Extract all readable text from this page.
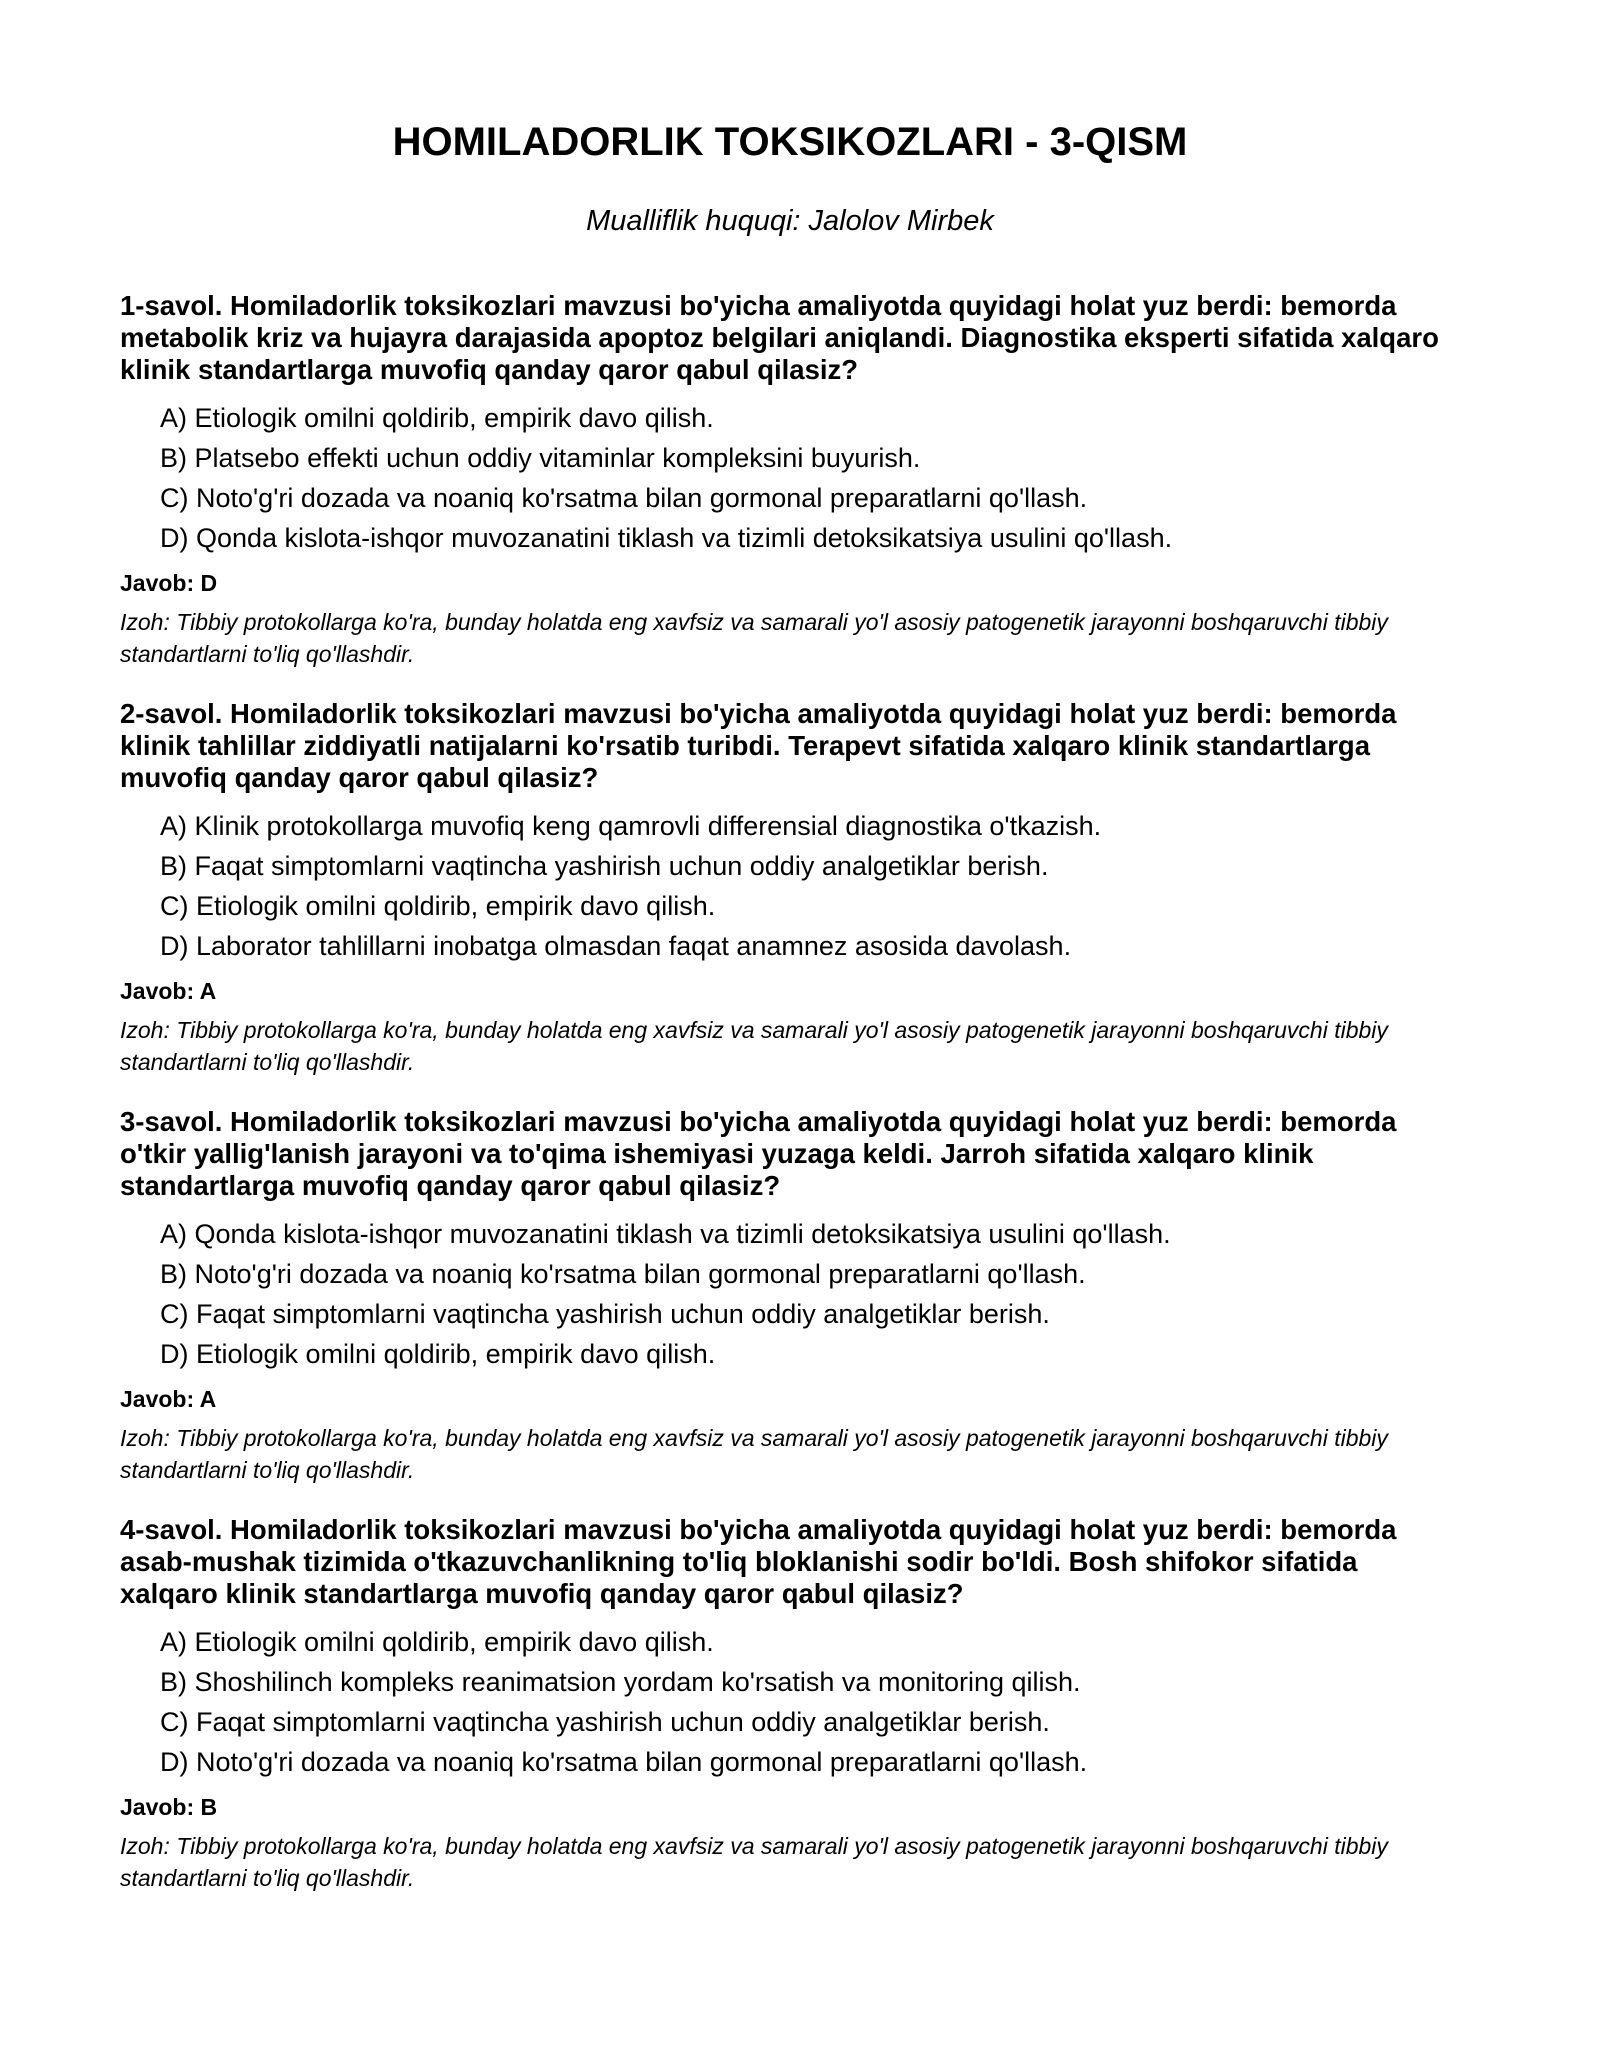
HOMILADORLIK TOKSIKOZLARI - 3-QISM
Mualliflik huquqi: Jalolov Mirbek

1-savol. Homiladorlik toksikozlari mavzusi bo'yicha amaliyotda quyidagi holat yuz berdi: bemorda metabolik kriz va hujayra darajasida apoptoz belgilari aniqlandi. Diagnostika eksperti sifatida xalqaro klinik standartlarga muvofiq qanday qaror qabul qilasiz?

A) Etiologik omilni qoldirib, empirik davo qilish.
B) Platsebo effekti uchun oddiy vitaminlar kompleksini buyurish.
C) Noto'g'ri dozada va noaniq ko'rsatma bilan gormonal preparatlarni qo'llash.
D) Qonda kislota-ishqor muvozanatini tiklash va tizimli detoksikatsiya usulini qo'llash.
Javob: D
Izoh: Tibbiy protokollarga ko'ra, bunday holatda eng xavfsiz va samarali yo'l asosiy patogenetik jarayonni boshqaruvchi tibbiy standartlarni to'liq qo'llashdir.

2-savol. Homiladorlik toksikozlari mavzusi bo'yicha amaliyotda quyidagi holat yuz berdi: bemorda klinik tahlillar ziddiyatli natijalarni ko'rsatib turibdi. Terapevt sifatida xalqaro klinik standartlarga muvofiq qanday qaror qabul qilasiz?

A) Klinik protokollarga muvofiq keng qamrovli differensial diagnostika o'tkazish.
B) Faqat simptomlarni vaqtincha yashirish uchun oddiy analgetiklar berish.
C) Etiologik omilni qoldirib, empirik davo qilish.
D) Laborator tahlillarni inobatga olmasdan faqat anamnez asosida davolash.
Javob: A
Izoh: Tibbiy protokollarga ko'ra, bunday holatda eng xavfsiz va samarali yo'l asosiy patogenetik jarayonni boshqaruvchi tibbiy standartlarni to'liq qo'llashdir.

3-savol. Homiladorlik toksikozlari mavzusi bo'yicha amaliyotda quyidagi holat yuz berdi: bemorda o'tkir yallig'lanish jarayoni va to'qima ishemiyasi yuzaga keldi. Jarroh sifatida xalqaro klinik standartlarga muvofiq qanday qaror qabul qilasiz?

A) Qonda kislota-ishqor muvozanatini tiklash va tizimli detoksikatsiya usulini qo'llash.
B) Noto'g'ri dozada va noaniq ko'rsatma bilan gormonal preparatlarni qo'llash.
C) Faqat simptomlarni vaqtincha yashirish uchun oddiy analgetiklar berish.
D) Etiologik omilni qoldirib, empirik davo qilish.
Javob: A
Izoh: Tibbiy protokollarga ko'ra, bunday holatda eng xavfsiz va samarali yo'l asosiy patogenetik jarayonni boshqaruvchi tibbiy standartlarni to'liq qo'llashdir.

4-savol. Homiladorlik toksikozlari mavzusi bo'yicha amaliyotda quyidagi holat yuz berdi: bemorda asab-mushak tizimida o'tkazuvchanlikning to'liq bloklanishi sodir bo'ldi. Bosh shifokor sifatida xalqaro klinik standartlarga muvofiq qanday qaror qabul qilasiz?

A) Etiologik omilni qoldirib, empirik davo qilish.
B) Shoshilinch kompleks reanimatsion yordam ko'rsatish va monitoring qilish.
C) Faqat simptomlarni vaqtincha yashirish uchun oddiy analgetiklar berish.
D) Noto'g'ri dozada va noaniq ko'rsatma bilan gormonal preparatlarni qo'llash.
Javob: B
Izoh: Tibbiy protokollarga ko'ra, bunday holatda eng xavfsiz va samarali yo'l asosiy patogenetik jarayonni boshqaruvchi tibbiy standartlarni to'liq qo'llashdir.
